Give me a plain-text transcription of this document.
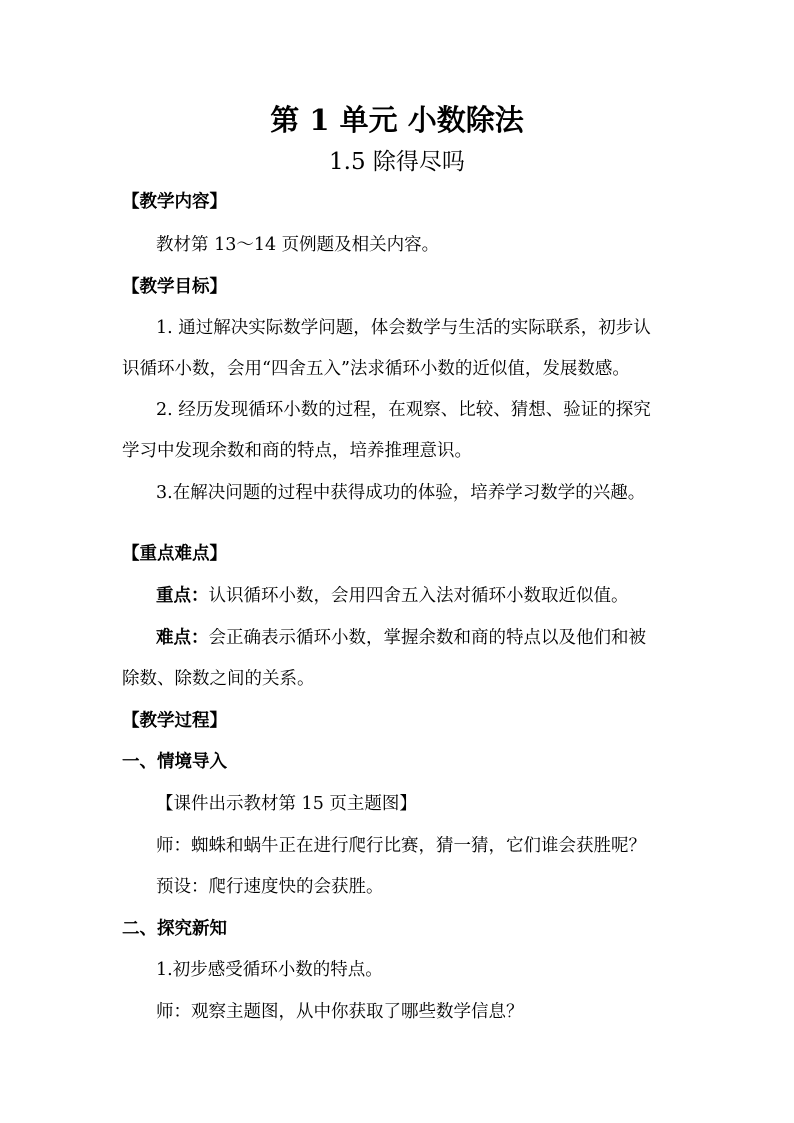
第 1 单元 小数除法
1.5 除得尽吗
【教学内容】
教材第 13～14 页例题及相关内容。
【教学目标】
1. 通过解决实际数学问题，体会数学与生活的实际联系，初步认
识循环小数，会用“四舍五入”法求循环小数的近似值，发展数感。
2. 经历发现循环小数的过程，在观察、比较、猜想、验证的探究
学习中发现余数和商的特点，培养推理意识。
3.在解决问题的过程中获得成功的体验，培养学习数学的兴趣。
【重点难点】
重点：认识循环小数，会用四舍五入法对循环小数取近似值。
难点：会正确表示循环小数，掌握余数和商的特点以及他们和被
除数、除数之间的关系。
【教学过程】
一、情境导入
【课件出示教材第 15 页主题图】
师：蜘蛛和蜗牛正在进行爬行比赛，猜一猜，它们谁会获胜呢？
预设：爬行速度快的会获胜。
二、探究新知
1.初步感受循环小数的特点。
师：观察主题图，从中你获取了哪些数学信息？
